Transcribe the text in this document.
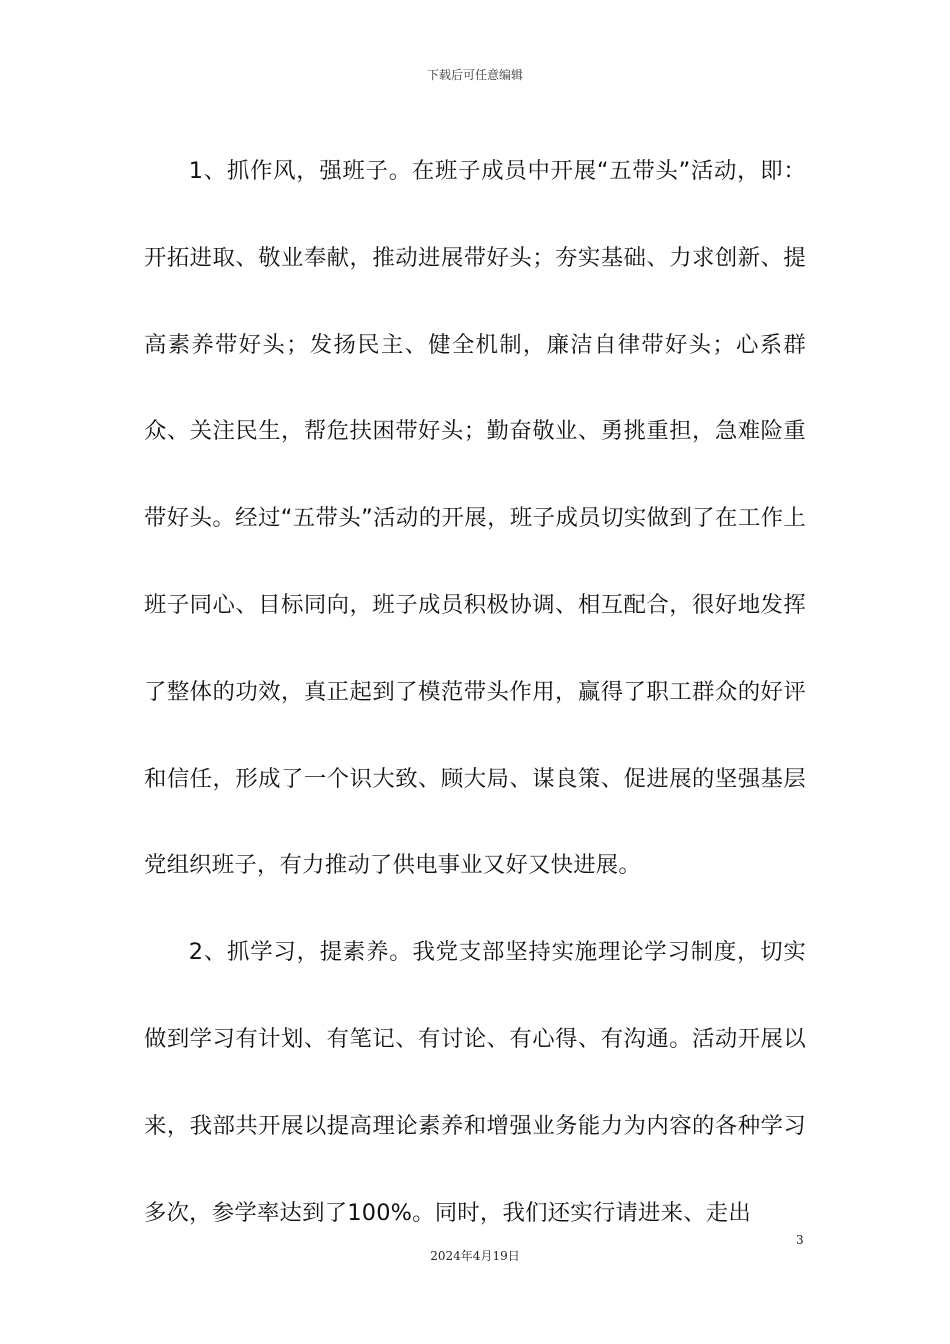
下载后可任意编辑

1、抓作风，强班子。在班子成员中开展“五带头”活动，即：开拓进取、敬业奉献，推动进展带好头；夯实基础、力求创新、提高素养带好头；发扬民主、健全机制，廉洁自律带好头；心系群众、关注民生，帮危扶困带好头；勤奋敬业、勇挑重担，急难险重带好头。经过“五带头”活动的开展，班子成员切实做到了在工作上班子同心、目标同向，班子成员积极协调、相互配合，很好地发挥了整体的功效，真正起到了模范带头作用，赢得了职工群众的好评和信任，形成了一个识大致、顾大局、谋良策、促进展的坚强基层党组织班子，有力推动了供电事业又好又快进展。

2、抓学习，提素养。我党支部坚持实施理论学习制度，切实做到学习有计划、有笔记、有讨论、有心得、有沟通。活动开展以来，我部共开展以提高理论素养和增强业务能力为内容的各种学习多次，参学率达到了100%。同时，我们还实行请进来、走出

3
2024年4月19日
